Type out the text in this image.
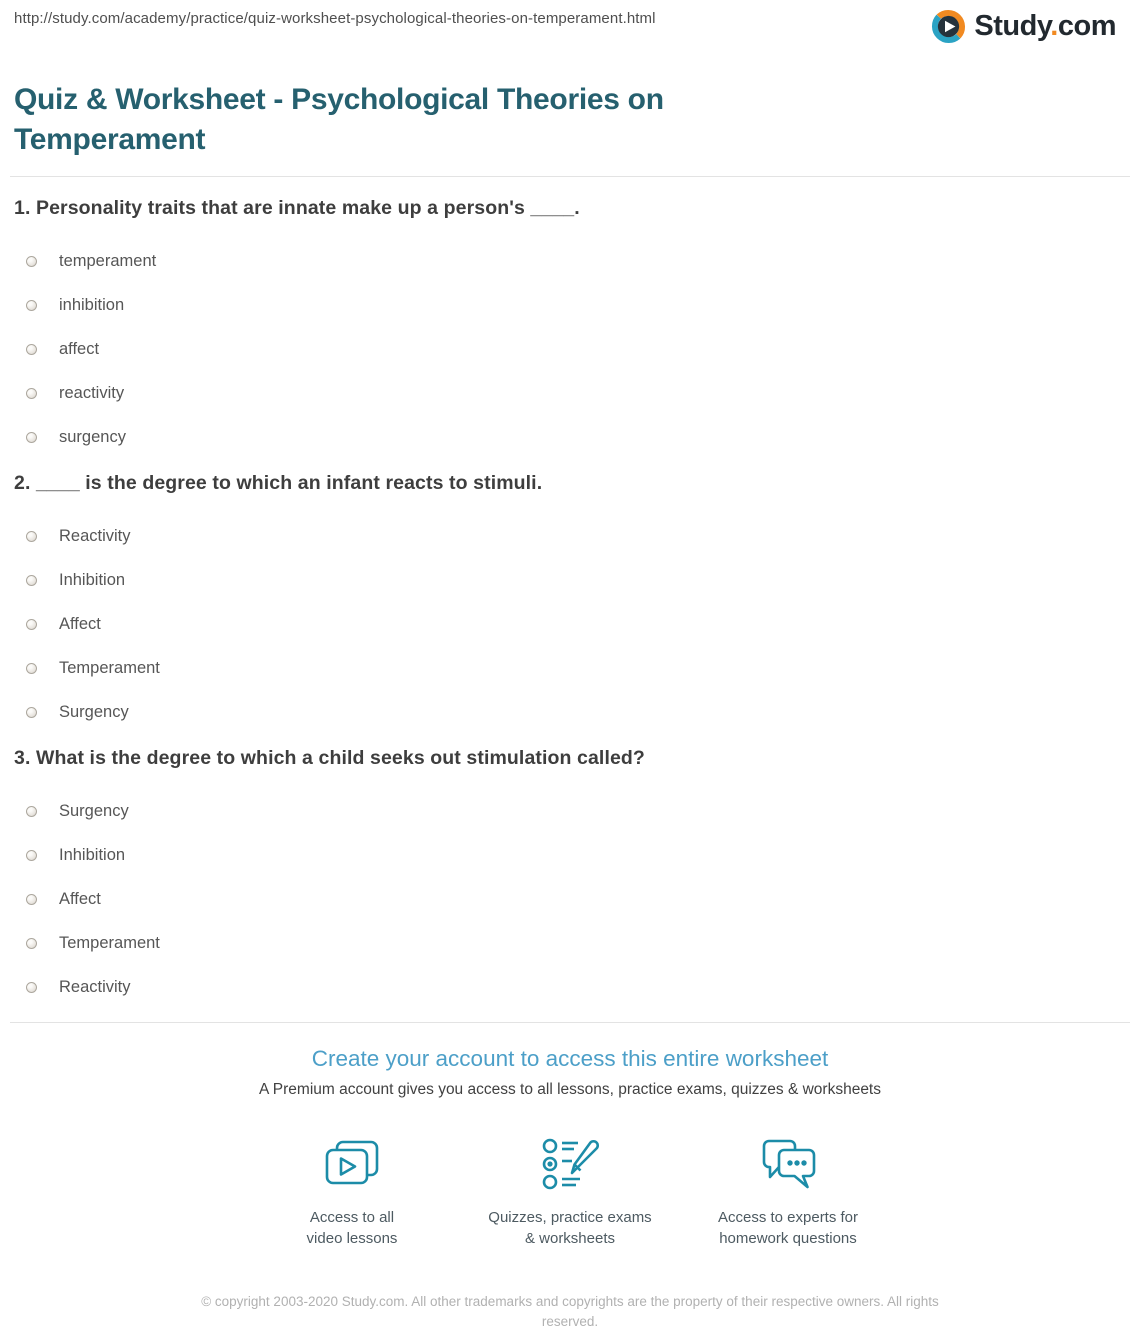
http://study.com/academy/practice/quiz-worksheet-psychological-theories-on-temperament.html	Study.com
Quiz & Worksheet - Psychological Theories on Temperament
1. Personality traits that are innate make up a person's ____.
temperament
inhibition
affect
reactivity
surgency
2. ____ is the degree to which an infant reacts to stimuli.
Reactivity
Inhibition
Affect
Temperament
Surgency
3. What is the degree to which a child seeks out stimulation called?
Surgency
Inhibition
Affect
Temperament
Reactivity
Create your account to access this entire worksheet

A Premium account gives you access to all lessons, practice exams, quizzes & worksheets

Access to all
video lessons
Quizzes, practice exams
& worksheets
Access to experts for
homework questions
© copyright 2003-2020 Study.com. All other trademarks and copyrights are the property of their respective owners. All rights reserved.
